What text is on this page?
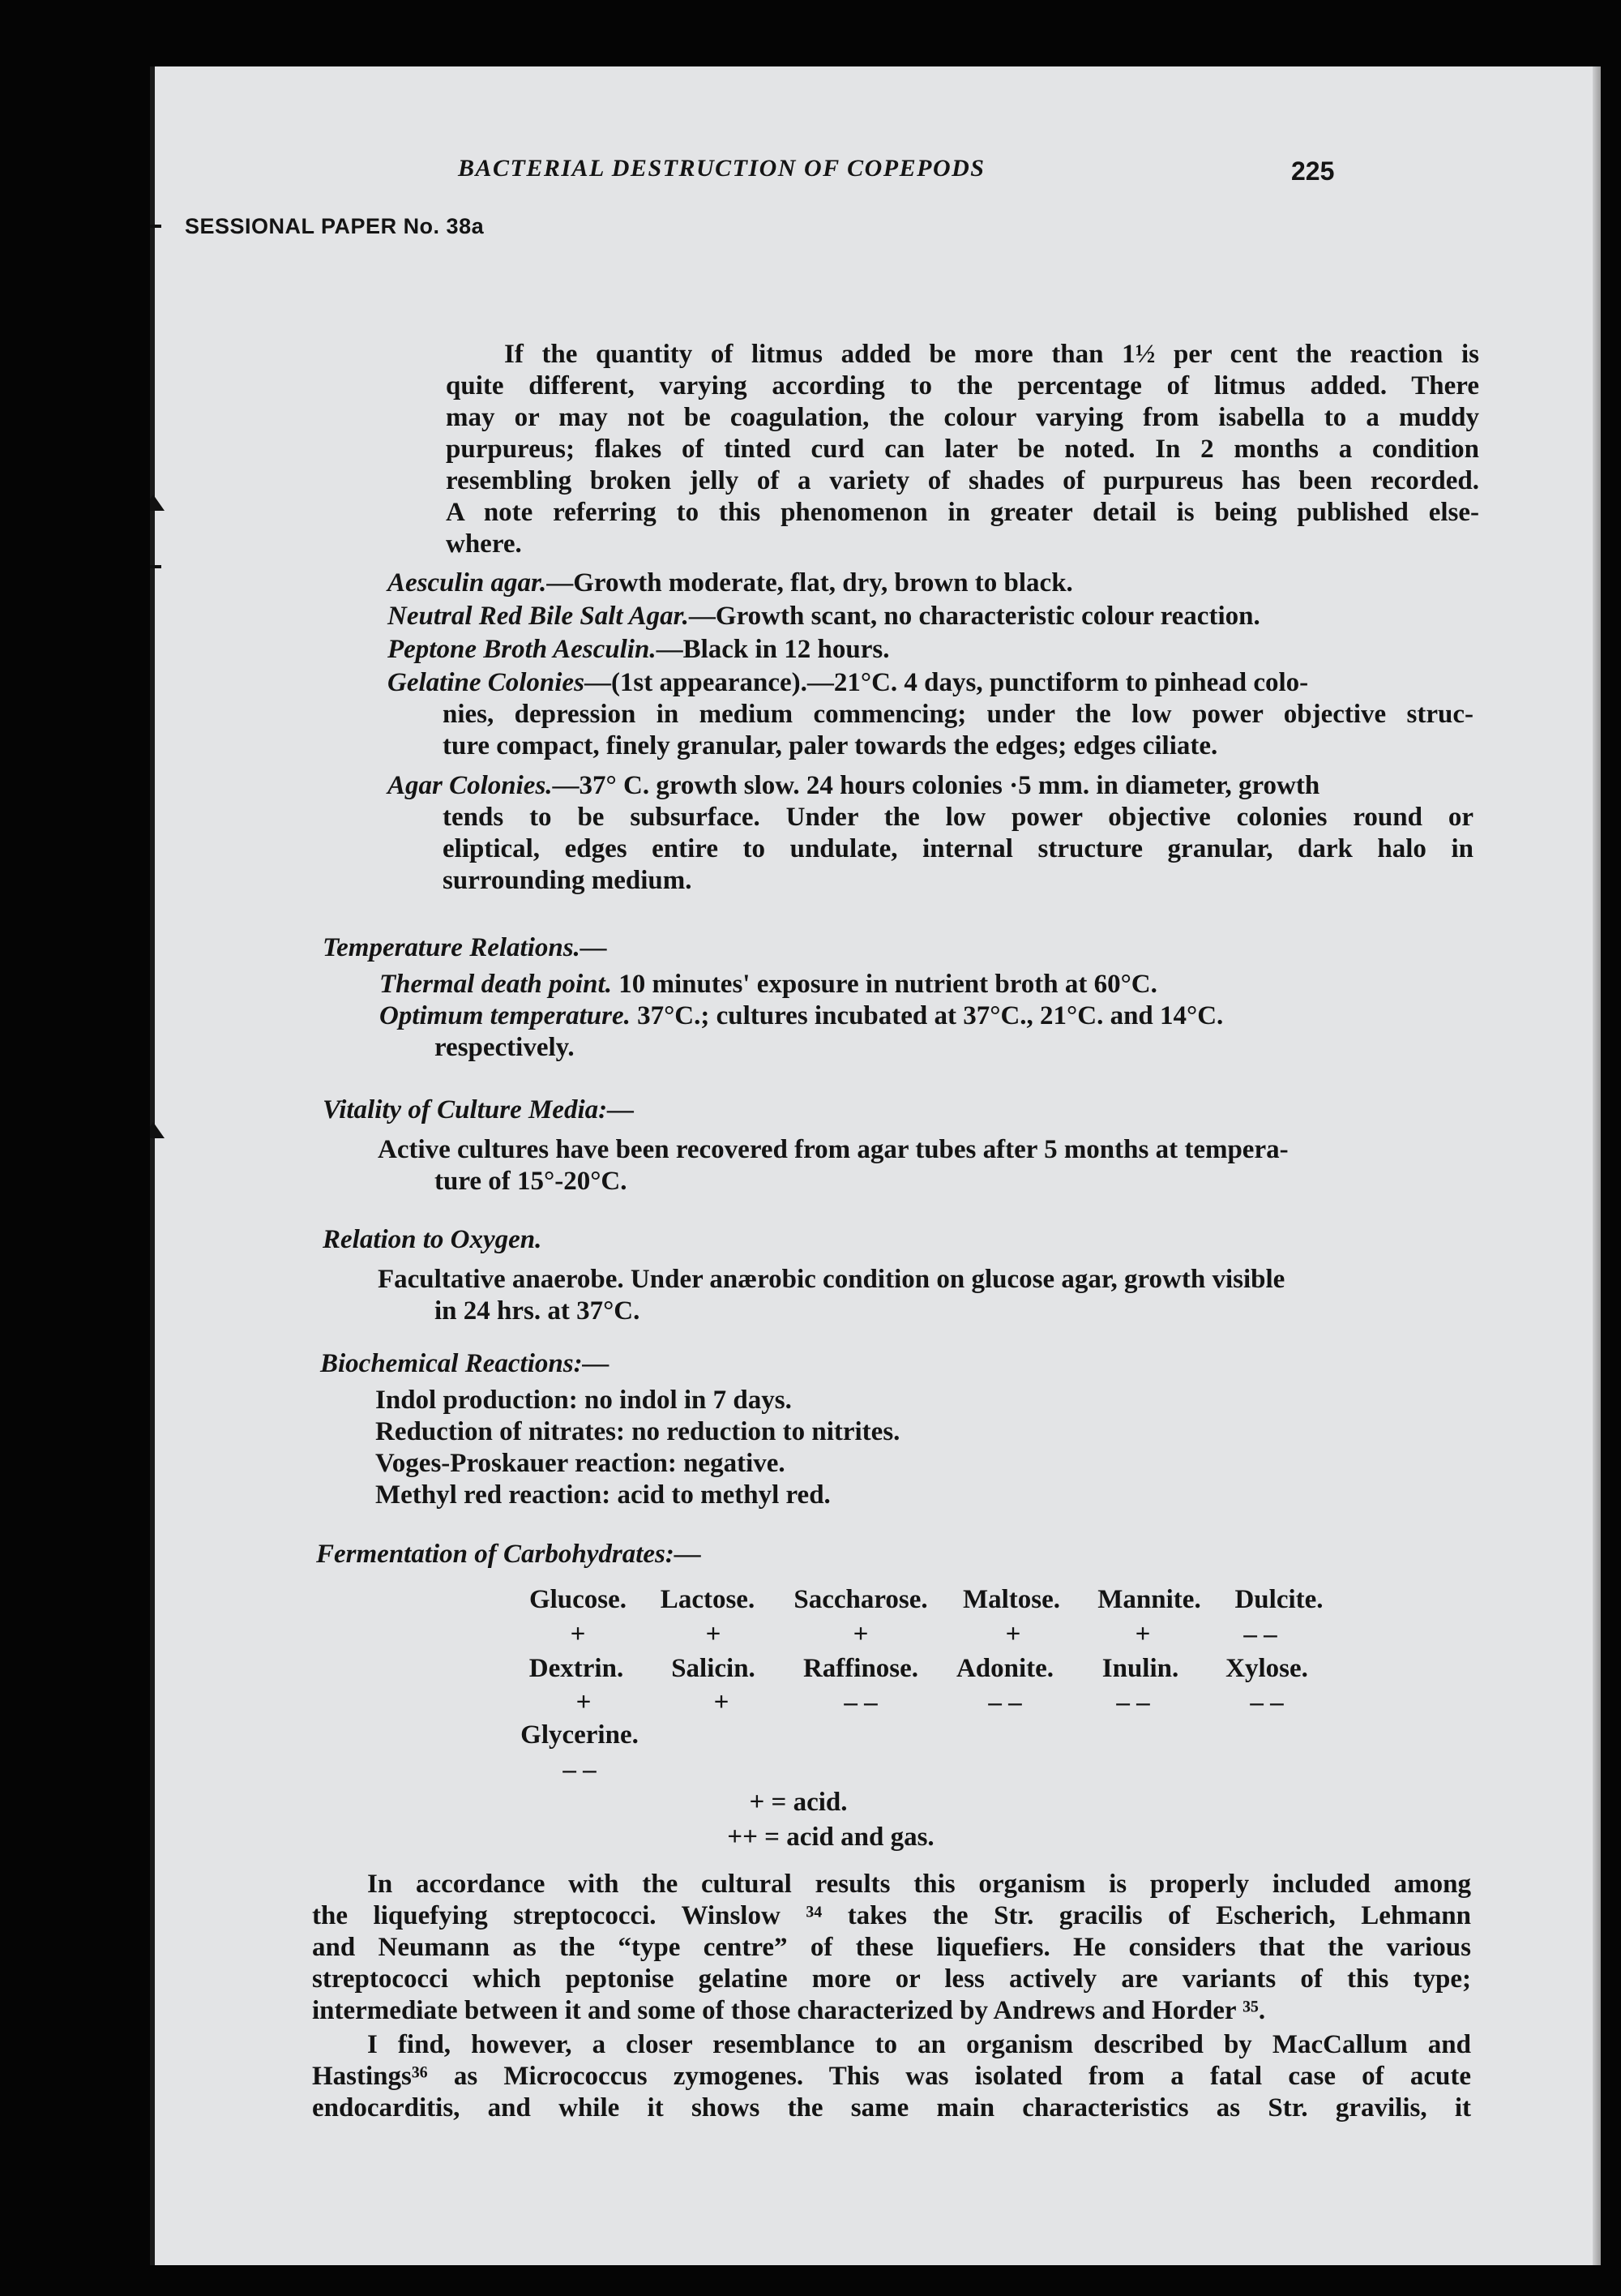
BACTERIAL DESTRUCTION OF COPEPODS	225
SESSIONAL PAPER No. 38a

If the quantity of litmus added be more than 1½ per cent the reaction is

quite different, varying according to the percentage of litmus added. There

may or may not be coagulation, the colour varying from isabella to a muddy

purpureus; flakes of tinted curd can later be noted. In 2 months a condition

resembling broken jelly of a variety of shades of purpureus has been recorded.

A note referring to this phenomenon in greater detail is being published else-

where.

Aesculin agar.—Growth moderate, flat, dry, brown to black.

Neutral Red Bile Salt Agar.—Growth scant, no characteristic colour reaction.

Peptone Broth Aesculin.—Black in 12 hours.

Gelatine Colonies—(1st appearance).—21°C. 4 days, punctiform to pinhead colo-

nies, depression in medium commencing; under the low power objective struc-

ture compact, finely granular, paler towards the edges; edges ciliate.

Agar Colonies.—37° C. growth slow. 24 hours colonies ·5 mm. in diameter, growth

tends to be subsurface. Under the low power objective colonies round or

eliptical, edges entire to undulate, internal structure granular, dark halo in

surrounding medium.

Temperature Relations.—

Thermal death point. 10 minutes' exposure in nutrient broth at 60°C.

Optimum temperature. 37°C.; cultures incubated at 37°C., 21°C. and 14°C.

respectively.

Vitality of Culture Media:—

Active cultures have been recovered from agar tubes after 5 months at tempera-

ture of 15°-20°C.

Relation to Oxygen.

Facultative anaerobe. Under anærobic condition on glucose agar, growth visible

in 24 hrs. at 37°C.

Biochemical Reactions:—

Indol production: no indol in 7 days.

Reduction of nitrates: no reduction to nitrites.

Voges-Proskauer reaction: negative.

Methyl red reaction: acid to methyl red.

Fermentation of Carbohydrates:—

Glucose. Lactose. Saccharose. Maltose. Mannite. Dulcite.
+	+	+	+	+	– –
Dextrin. Salicin. Raffinose. Adonite. Inulin. Xylose.
+	+	– –	– –	– –	– –
Glycerine.
– –
+ = acid.
++ = acid and gas.

In accordance with the cultural results this organism is properly included among

the liquefying streptococci. Winslow ³⁴ takes the Str. gracilis of Escherich, Lehmann

and Neumann as the “type centre” of these liquefiers. He considers that the various

streptococci which peptonise gelatine more or less actively are variants of this type;

intermediate between it and some of those characterized by Andrews and Horder ³⁵.

I find, however, a closer resemblance to an organism described by MacCallum and

Hastings³⁶ as Micrococcus zymogenes. This was isolated from a fatal case of acute

endocarditis, and while it shows the same main characteristics as Str. gravilis, it
